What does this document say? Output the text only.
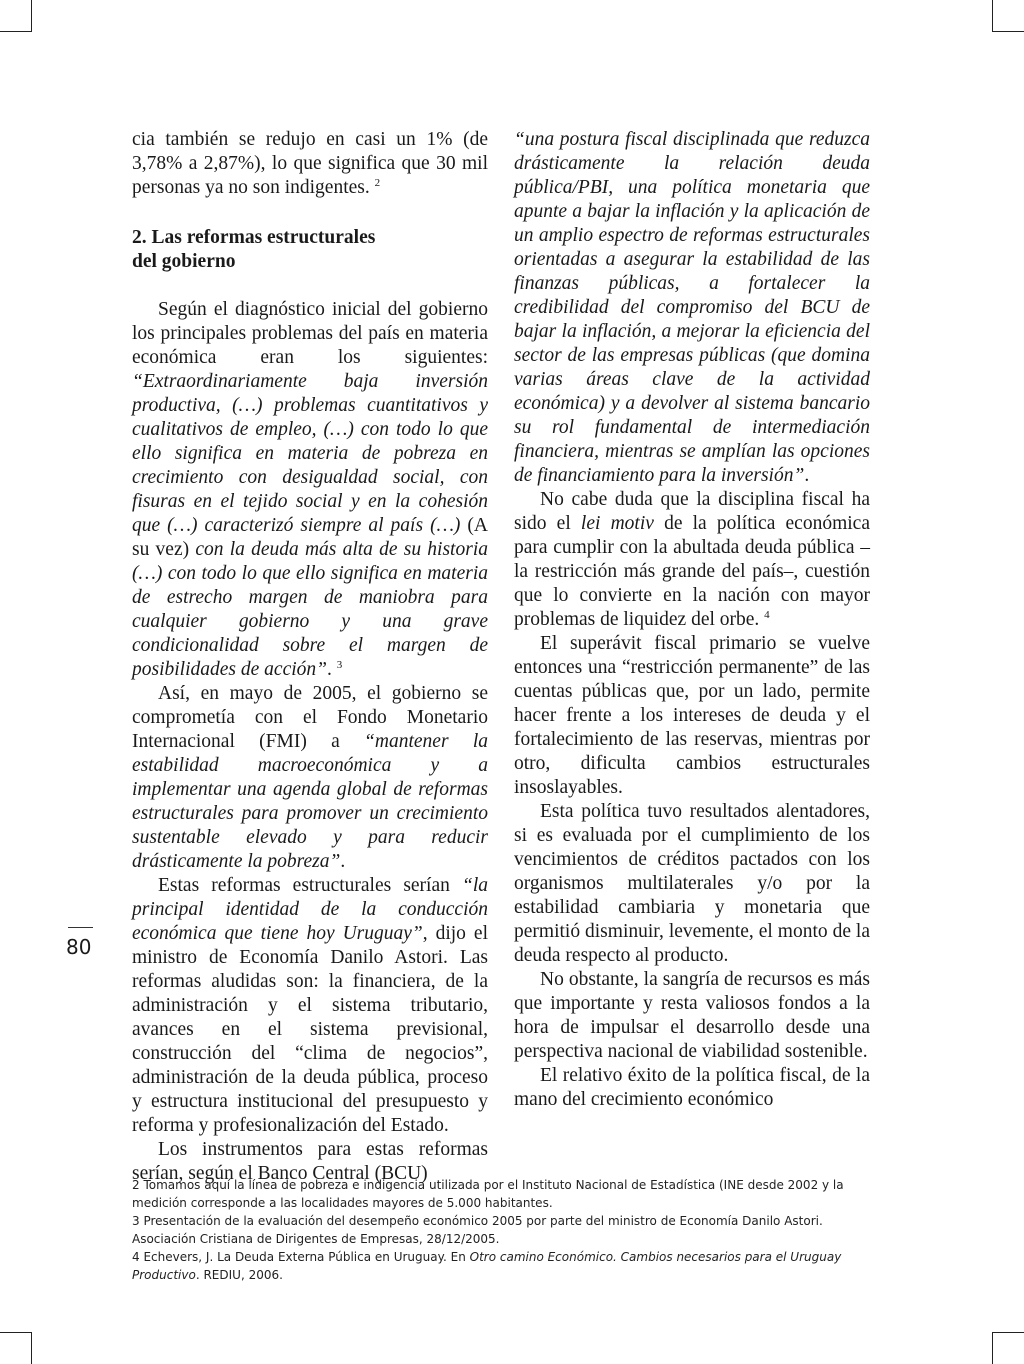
cia también se redujo en casi un 1% (de 3,78% a 2,87%), lo que significa que 30 mil personas ya no son indigentes. $^2$

2. Las reformas estructurales
del gobierno

Según el diagnóstico inicial del gobierno los principales problemas del país en materia económica eran los siguientes: “Extraordinariamente baja inversión productiva, (…) problemas cuantitativos y cualitativos de empleo, (…) con todo lo que ello significa en materia de pobreza en crecimiento con desigualdad social, con fisuras en el tejido social y en la cohesión que (…) caracterizó siempre al país (…) (A su vez) con la deuda más alta de su historia (…) con todo lo que ello significa en materia de estrecho margen de maniobra para cualquier gobierno y una grave condicionalidad sobre el margen de posibilidades de acción”. $^3$

Así, en mayo de 2005, el gobierno se comprometía con el Fondo Monetario Internacional (FMI) a “mantener la estabilidad macroeconómica y a implementar una agenda global de reformas estructurales para promover un crecimiento sustentable elevado y para reducir drásticamente la pobreza”.

Estas reformas estructurales serían “la principal identidad de la conducción económica que tiene hoy Uruguay”, dijo el ministro de Economía Danilo Astori. Las reformas aludidas son: la financiera, de la administración y el sistema tributario, avances en el sistema previsional, construcción del “clima de negocios”, administración de la deuda pública, proceso y estructura institucional del presupuesto y reforma y profesionalización del Estado.

Los instrumentos para estas reformas serían, según el Banco Central (BCU)

“una postura fiscal disciplinada que reduzca drásticamente la relación deuda pública/PBI, una política monetaria que apunte a bajar la inflación y la aplicación de un amplio espectro de reformas estructurales orientadas a asegurar la estabilidad de las finanzas públicas, a fortalecer la credibilidad del compromiso del BCU de bajar la inflación, a mejorar la eficiencia del sector de las empresas públicas (que domina varias áreas clave de la actividad económica) y a devolver al sistema bancario su rol fundamental de intermediación financiera, mientras se amplían las opciones de financiamiento para la inversión”.

No cabe duda que la disciplina fiscal ha sido el lei motiv de la política económica para cumplir con la abultada deuda pública –la restricción más grande del país–, cuestión que lo convierte en la nación con mayor problemas de liquidez del orbe. $^4$

El superávit fiscal primario se vuelve entonces una “restricción permanente” de las cuentas públicas que, por un lado, permite hacer frente a los intereses de deuda y el fortalecimiento de las reservas, mientras por otro, dificulta cambios estructurales insoslayables.

Esta política tuvo resultados alentadores, si es evaluada por el cumplimiento de los vencimientos de créditos pactados con los organismos multilaterales y/o por la estabilidad cambiaria y monetaria que permitió disminuir, levemente, el monto de la deuda respecto al producto.

No obstante, la sangría de recursos es más que importante y resta valiosos fondos a la hora de impulsar el desarrollo desde una perspectiva nacional de viabilidad sostenible.

El relativo éxito de la política fiscal, de la mano del crecimiento económico

80

2 Tomamos aquí la línea de pobreza e indigencia utilizada por el Instituto Nacional de Estadística (INE desde 2002 y la medición corresponde a las localidades mayores de 5.000 habitantes.

3 Presentación de la evaluación del desempeño económico 2005 por parte del ministro de Economía Danilo Astori. Asociación Cristiana de Dirigentes de Empresas, 28/12/2005.

4 Echevers, J. La Deuda Externa Pública en Uruguay. En Otro camino Económico. Cambios necesarios para el Uruguay Productivo. REDIU, 2006.
